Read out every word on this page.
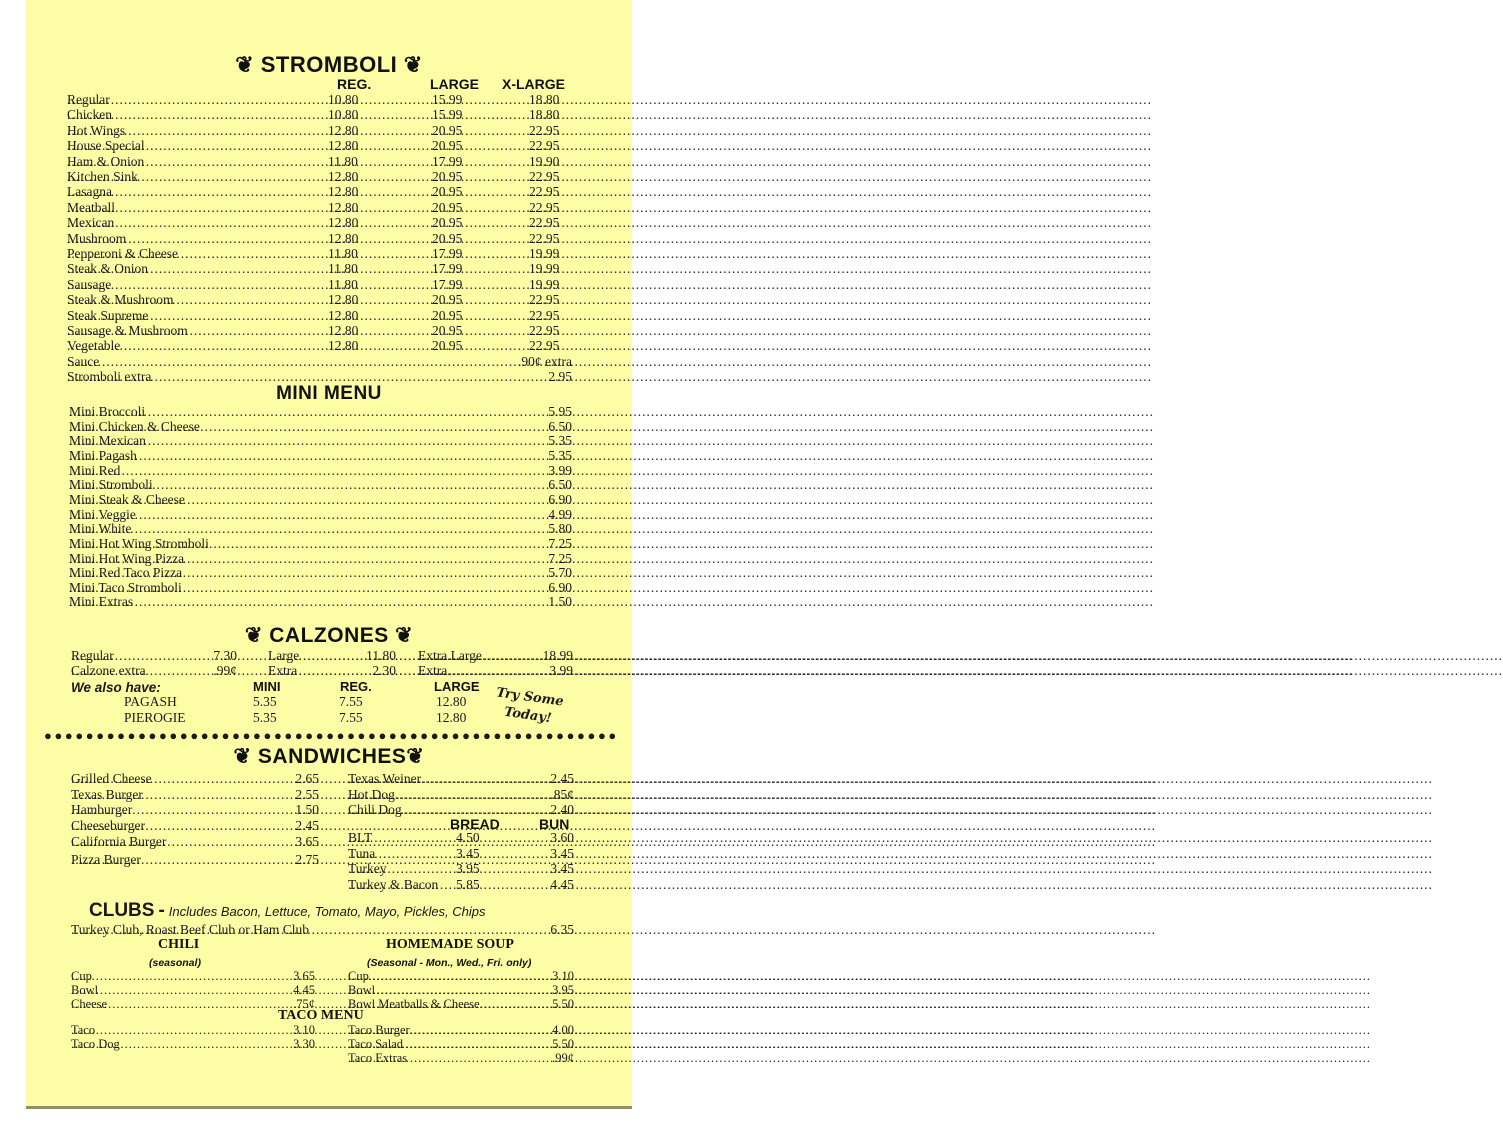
❦ STROMBOLI ❦
REG.	LARGE X-LARGE
.....
Regular	10.80	15.99	18.80
.....
Chicken	10.80	15.99	18.80
.....
Hot Wings	12.80	20.95	22.95
.....
House Special	12.80	20.95	22.95
.....
Ham & Onion	11.80	17.99	19.90
.....
Kitchen Sink	12.80	20.95	22.95
.....
Lasagna	12.80	20.95	22.95
.....
Meatball	12.80	20.95	22.95
.....
Mexican	12.80	20.95	22.95
.....
Mushroom	12.80	20.95	22.95
.....
Pepperoni & Cheese	11.80	17.99	19.99
.....
Steak & Onion	11.80	17.99	19.99
.....
Sausage	11.80	17.99	19.99
.....
Steak & Mushroom	12.80	20.95	22.95
.....
Steak Supreme	12.80	20.95	22.95
.....
Sausage & Mushroom	12.80	20.95	22.95
.....
Vegetable	12.80	20.95	22.95
.....
Sauce	.90¢ extra
.....
Stromboli extra	2.95
MINI MENU
.....
Mini Broccoli	5.95
.....
Mini Chicken & Cheese	6.50
.....
Mini Mexican	5.35
.....
Mini Pagash	5.35
.....
Mini Red	3.99
.....
Mini Stromboli	6.50
.....
Mini Steak & Cheese	6.90
.....
Mini Veggie	4.99
.....
Mini White	5.80
.....
Mini Hot Wing Stromboli	7.25
.....
Mini Hot Wing Pizza	7.25
.....
Mini Red Taco Pizza	5.70
.....
Mini Taco Stromboli	6.90
.....
Mini Extras	1.50
❦ CALZONES ❦
.....
Regular	7.30 ..... Large	11.80 ..... Extra Large	18.99
.....
Calzone extra	.99¢ ..... Extra	2.30 ..... Extra	3.99
We also have:	MINI	REG.	LARGE
PAGASH	5.35	7.55	12.80
PIEROGIE	5.35	7.55	12.80
Try Some
Today!
●●●●●●●●●●●●●●●●●●●●●●●●●●●●●●●●●●●●●●●●●●●●●●●●●●●●●●●
❦ SANDWICHES❦
.....
Grilled Cheese	2.65
.....
Texas Burger	2.55
.....
Hamburger	1.50
.....
Cheeseburger	2.45
.....
California Burger	3.65
.....
Pizza Burger	2.75
.....
Texas Weiner	2.45
.....
Hot Dog	.85¢
.....
Chili Dog	2.40
BREAD	BUN
.....
BLT	4.50	3.60
.....
Tuna	3.45	3.45
.....
Turkey	3.95	3.45
.....
Turkey & Bacon 5.85	4.45
CLUBS - Includes Bacon, Lettuce, Tomato, Mayo, Pickles, Chips
.....
Turkey Club, Roast Beef Club or Ham Club	6.35
CHILI
(seasonal)
HOMEMADE SOUP
(Seasonal - Mon., Wed., Fri. only)
.....
Cup	3.65
.....
Bowl	4.45
.....
Cheese	.75¢
.....
Cup	3.10
.....
Bowl	3.95
.....
Bowl Meatballs & Cheese	5.50
TACO MENU
.....
Taco	3.10
.....
Taco Dog	3.30
.....
Taco Burger	4.00
.....
Taco Salad	5.50
.....
Taco Extras	.99¢
